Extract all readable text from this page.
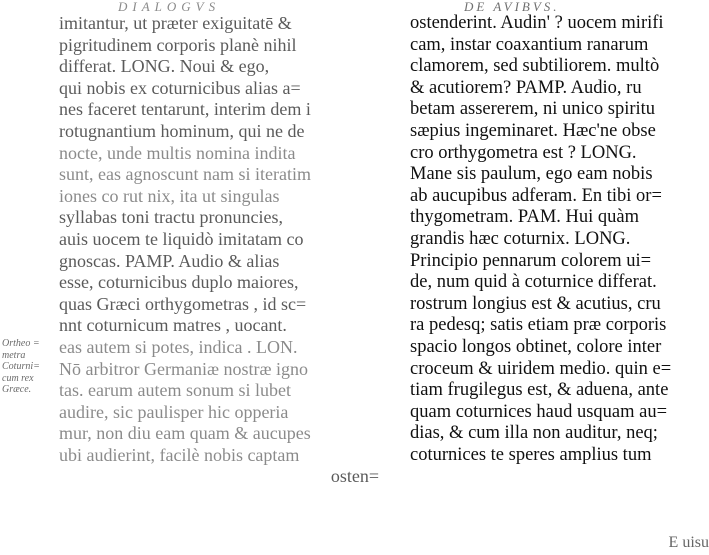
DIALOGVS
imitantur, ut præter exiguitatē &
pigritudinem corporis planè nihil
differat. LONG. Noui & ego,
qui nobis ex coturnicibus alias a=
nes faceret tentarunt, interim dem i
rotugnantium hominum, qui ne de
nocte, unde multis nomina indita
sunt, eas agnoscunt nam si iteratim
iones co rut nix, ita ut singulas
syllabas toni tractu pronuncies,
auis uocem te liquidò imitatam co
gnoscas. PAMP. Audio & alias
esse, coturnicibus duplo maiores,
quas Græci orthygometras , id sc=
nnt coturnicum matres , uocant.
eas autem si potes, indica . LON.
Nō arbitror Germaniæ nostræ igno
tas. earum autem sonum si lubet
audire, sic paulisper hic opperia
mur, non diu eam quam & aucupes
ubi audierint, facilè nobis captam
osten=
Ortheo =
metra
Coturni=
cum rex
Græce.
DE AVIBVS.
ostenderint. Audin' ? uocem mirifi
cam, instar coaxantium ranarum
clamorem, sed subtiliorem. multò
& acutiorem? PAMP. Audio, ru
betam assererem, ni unico spiritu
sæpius ingeminaret. Hæc'ne obse
cro orthygometra est ? LONG.
Mane sis paulum, ego eam nobis
ab aucupibus adferam. En tibi or=
thygometram. PAM. Hui quàm
grandis hæc coturnix. LONG.
Principio pennarum colorem ui=
de, num quid à coturnice differat.
rostrum longius est & acutius, cru
ra pedesq; satis etiam præ corporis
spacio longos obtinet, colore inter
croceum & uiridem medio. quin e=
tiam frugilegus est, & aduena, ante
quam coturnices haud usquam au=
dias, & cum illa non auditur, neq;
coturnices te speres amplius tum
E uisu
